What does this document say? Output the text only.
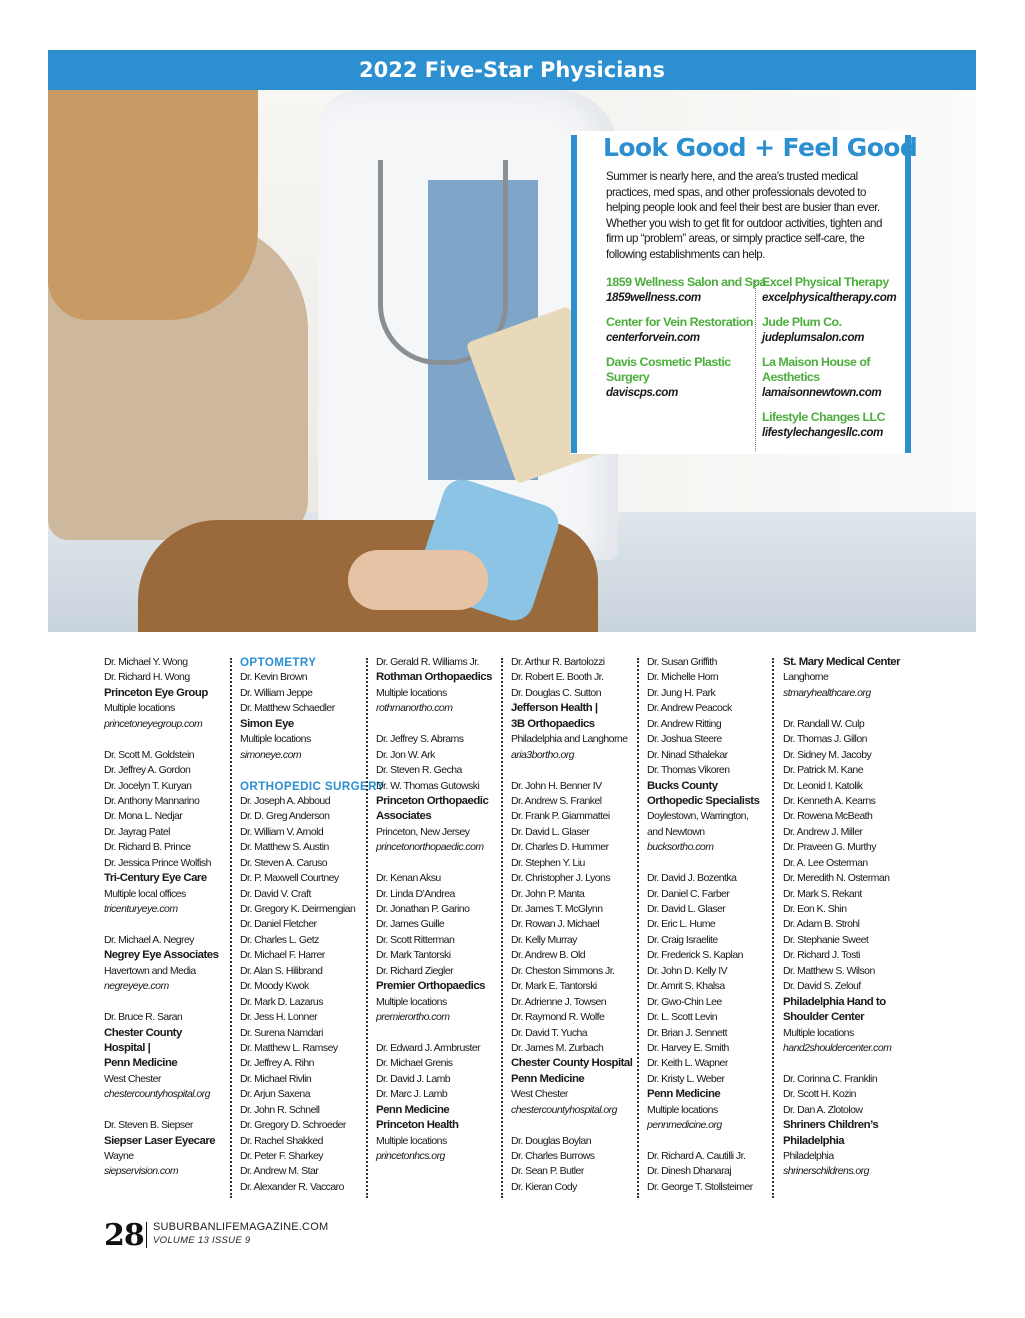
2022 Five-Star Physicians
Look Good + Feel Good
Summer is nearly here, and the area’s trusted medical practices, med spas, and other professionals devoted to helping people look and feel their best are busier than ever. Whether you wish to get fit for outdoor activities, tighten and firm up “problem” areas, or simply practice self-care, the following establishments can help.
1859 Wellness Salon and Spa
1859wellness.com
Center for Vein Restoration
centerforvein.com
Davis Cosmetic Plastic Surgery
daviscps.com
Excel Physical Therapy
excelphysicaltherapy.com
Jude Plum Co.
judeplumsalon.com
La Maison House of Aesthetics
lamaisonnewtown.com
Lifestyle Changes LLC
lifestylechangesllc.com
Dr. Michael Y. Wong
Dr. Richard H. Wong
Princeton Eye Group
Multiple locations
princetoneyegroup.com
Dr. Scott M. Goldstein
Dr. Jeffrey A. Gordon
Dr. Jocelyn T. Kuryan
Dr. Anthony Mannarino
Dr. Mona L. Nedjar
Dr. Jayrag Patel
Dr. Richard B. Prince
Dr. Jessica Prince Wolfish
Tri-Century Eye Care
Multiple local offices
tricenturyeye.com
Dr. Michael A. Negrey
Negrey Eye Associates
Havertown and Media
negreyeye.com
Dr. Bruce R. Saran
Chester County
Hospital |
Penn Medicine
West Chester
chestercountyhospital.org
Dr. Steven B. Siepser
Siepser Laser Eyecare
Wayne
siepservision.com
OPTOMETRY
Dr. Kevin Brown
Dr. William Jeppe
Dr. Matthew Schaedler
Simon Eye
Multiple locations
simoneye.com
ORTHOPEDIC SURGERY
Dr. Joseph A. Abboud
Dr. D. Greg Anderson
Dr. William V. Arnold
Dr. Matthew S. Austin
Dr. Steven A. Caruso
Dr. P. Maxwell Courtney
Dr. David V. Craft
Dr. Gregory K. Deirmengian
Dr. Daniel Fletcher
Dr. Charles L. Getz
Dr. Michael F. Harrer
Dr. Alan S. Hilibrand
Dr. Moody Kwok
Dr. Mark D. Lazarus
Dr. Jess H. Lonner
Dr. Surena Namdari
Dr. Matthew L. Ramsey
Dr. Jeffrey A. Rihn
Dr. Michael Rivlin
Dr. Arjun Saxena
Dr. John R. Schnell
Dr. Gregory D. Schroeder
Dr. Rachel Shakked
Dr. Peter F. Sharkey
Dr. Andrew M. Star
Dr. Alexander R. Vaccaro
Dr. Gerald R. Williams Jr.
Rothman Orthopaedics
Multiple locations
rothmanortho.com
Dr. Jeffrey S. Abrams
Dr. Jon W. Ark
Dr. Steven R. Gecha
Dr. W. Thomas Gutowski
Princeton Orthopaedic
Associates
Princeton, New Jersey
princetonorthopaedic.com
Dr. Kenan Aksu
Dr. Linda D’Andrea
Dr. Jonathan P. Garino
Dr. James Guille
Dr. Scott Ritterman
Dr. Mark Tantorski
Dr. Richard Ziegler
Premier Orthopaedics
Multiple locations
premierortho.com
Dr. Edward J. Armbruster
Dr. Michael Grenis
Dr. David J. Lamb
Dr. Marc J. Lamb
Penn Medicine
Princeton Health
Multiple locations
princetonhcs.org
Dr. Arthur R. Bartolozzi
Dr. Robert E. Booth Jr.
Dr. Douglas C. Sutton
Jefferson Health |
3B Orthopaedics
Philadelphia and Langhorne
aria3bortho.org
Dr. John H. Benner IV
Dr. Andrew S. Frankel
Dr. Frank P. Giammattei
Dr. David L. Glaser
Dr. Charles D. Hummer
Dr. Stephen Y. Liu
Dr. Christopher J. Lyons
Dr. John P. Manta
Dr. James T. McGlynn
Dr. Rowan J. Michael
Dr. Kelly Murray
Dr. Andrew B. Old
Dr. Cheston Simmons Jr.
Dr. Mark E. Tantorski
Dr. Adrienne J. Towsen
Dr. Raymond R. Wolfe
Dr. David T. Yucha
Dr. James M. Zurbach
Chester County Hospital
Penn Medicine
West Chester
chestercountyhospital.org
Dr. Douglas Boylan
Dr. Charles Burrows
Dr. Sean P. Butler
Dr. Kieran Cody
Dr. Susan Griffith
Dr. Michelle Horn
Dr. Jung H. Park
Dr. Andrew Peacock
Dr. Andrew Ritting
Dr. Joshua Steere
Dr. Ninad Sthalekar
Dr. Thomas Vikoren
Bucks County
Orthopedic Specialists
Doylestown, Warrington,
and Newtown
bucksortho.com
Dr. David J. Bozentka
Dr. Daniel C. Farber
Dr. David L. Glaser
Dr. Eric L. Hume
Dr. Craig Israelite
Dr. Frederick S. Kaplan
Dr. John D. Kelly IV
Dr. Amrit S. Khalsa
Dr. Gwo-Chin Lee
Dr. L. Scott Levin
Dr. Brian J. Sennett
Dr. Harvey E. Smith
Dr. Keith L. Wapner
Dr. Kristy L. Weber
Penn Medicine
Multiple locations
pennmedicine.org
Dr. Richard A. Cautilli Jr.
Dr. Dinesh Dhanaraj
Dr. George T. Stollsteimer
St. Mary Medical Center
Langhorne
stmaryhealthcare.org
Dr. Randall W. Culp
Dr. Thomas J. Gillon
Dr. Sidney M. Jacoby
Dr. Patrick M. Kane
Dr. Leonid I. Katolik
Dr. Kenneth A. Kearns
Dr. Rowena McBeath
Dr. Andrew J. Miller
Dr. Praveen G. Murthy
Dr. A. Lee Osterman
Dr. Meredith N. Osterman
Dr. Mark S. Rekant
Dr. Eon K. Shin
Dr. Adam B. Strohl
Dr. Stephanie Sweet
Dr. Richard J. Tosti
Dr. Matthew S. Wilson
Dr. David S. Zelouf
Philadelphia Hand to
Shoulder Center
Multiple locations
hand2shouldercenter.com
Dr. Corinna C. Franklin
Dr. Scott H. Kozin
Dr. Dan A. Zlotolow
Shriners Children’s
Philadelphia
Philadelphia
shrinerschildrens.org
28 SUBURBANLIFEMAGAZINE.COM
VOLUME 13 ISSUE 9
